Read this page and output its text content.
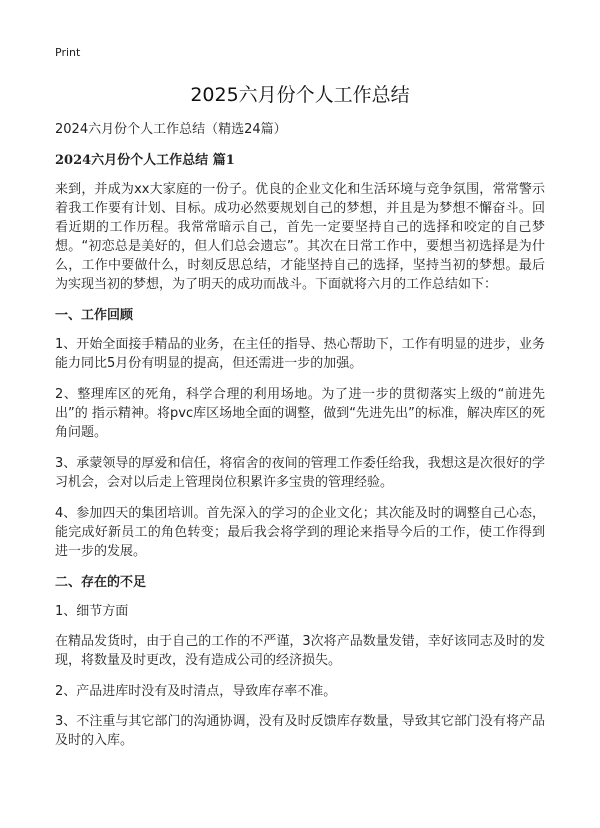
Print
2025六月份个人工作总结

2024六月份个人工作总结（精选24篇）

2024六月份个人工作总结 篇1

来到，并成为xx大家庭的一份子。优良的企业文化和生活环境与竞争氛围，常常警示着我工作要有计划、目标。成功必然要规划自己的梦想，并且是为梦想不懈奋斗。回看近期的工作历程。我常常暗示自己，首先一定要坚持自己的选择和咬定的自己梦想。“初恋总是美好的，但人们总会遗忘”。其次在日常工作中，要想当初选择是为什么，工作中要做什么，时刻反思总结，才能坚持自己的选择，坚持当初的梦想。最后为实现当初的梦想，为了明天的成功而战斗。下面就将六月的工作总结如下：

一、工作回顾

1、开始全面接手精品的业务，在主任的指导、热心帮助下，工作有明显的进步，业务能力同比5月份有明显的提高，但还需进一步的加强。

2、整理库区的死角，科学合理的利用场地。为了进一步的贯彻落实上级的“前进先出”的 指示精神。将pvc库区场地全面的调整，做到“先进先出”的标准，解决库区的死角问题。

3、承蒙领导的厚爱和信任，将宿舍的夜间的管理工作委任给我，我想这是次很好的学习机会，会对以后走上管理岗位积累许多宝贵的管理经验。

4、参加四天的集团培训。首先深入的学习的企业文化；其次能及时的调整自己心态，能完成好新员工的角色转变；最后我会将学到的理论来指导今后的工作，使工作得到进一步的发展。

二、存在的不足

1、细节方面

在精品发货时，由于自己的工作的不严谨，3次将产品数量发错，幸好该同志及时的发现，将数量及时更改，没有造成公司的经济损失。

2、产品进库时没有及时清点，导致库存率不准。

3、不注重与其它部门的沟通协调，没有及时反馈库存数量，导致其它部门没有将产品及时的入库。
